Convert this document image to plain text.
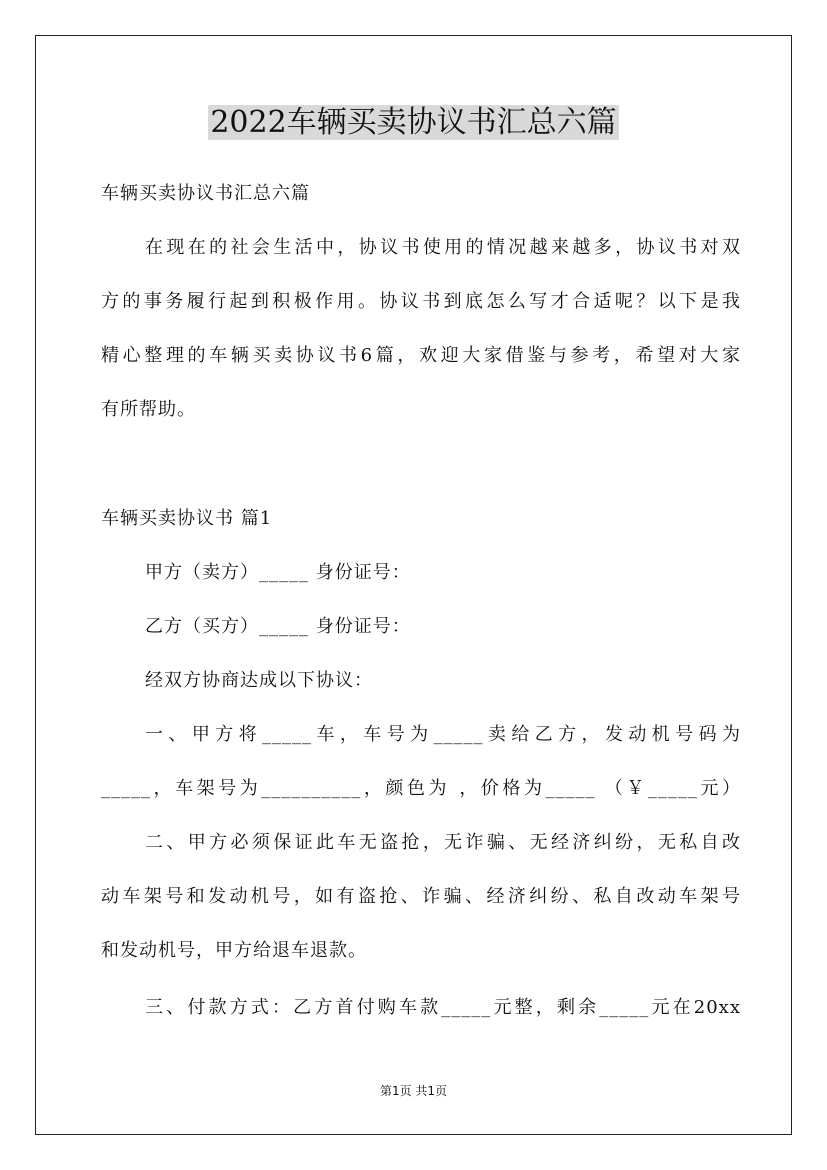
2022车辆买卖协议书汇总六篇
车辆买卖协议书汇总六篇
在现在的社会生活中，协议书使用的情况越来越多，协议书对双
方的事务履行起到积极作用。协议书到底怎么写才合适呢？以下是我
精心整理的车辆买卖协议书6篇，欢迎大家借鉴与参考，希望对大家
有所帮助。
车辆买卖协议书 篇1
甲方（卖方）_____ 身份证号：
乙方（买方）_____ 身份证号：
经双方协商达成以下协议：
一、甲方将_____车，车号为_____卖给乙方，发动机号码为
_____，车架号为__________，颜色为 ，价格为_____ （￥_____元）
二、甲方必须保证此车无盗抢，无诈骗、无经济纠纷，无私自改
动车架号和发动机号，如有盗抢、诈骗、经济纠纷、私自改动车架号
和发动机号，甲方给退车退款。
三、付款方式：乙方首付购车款_____元整，剩余_____元在20xx
第1页 共1页
